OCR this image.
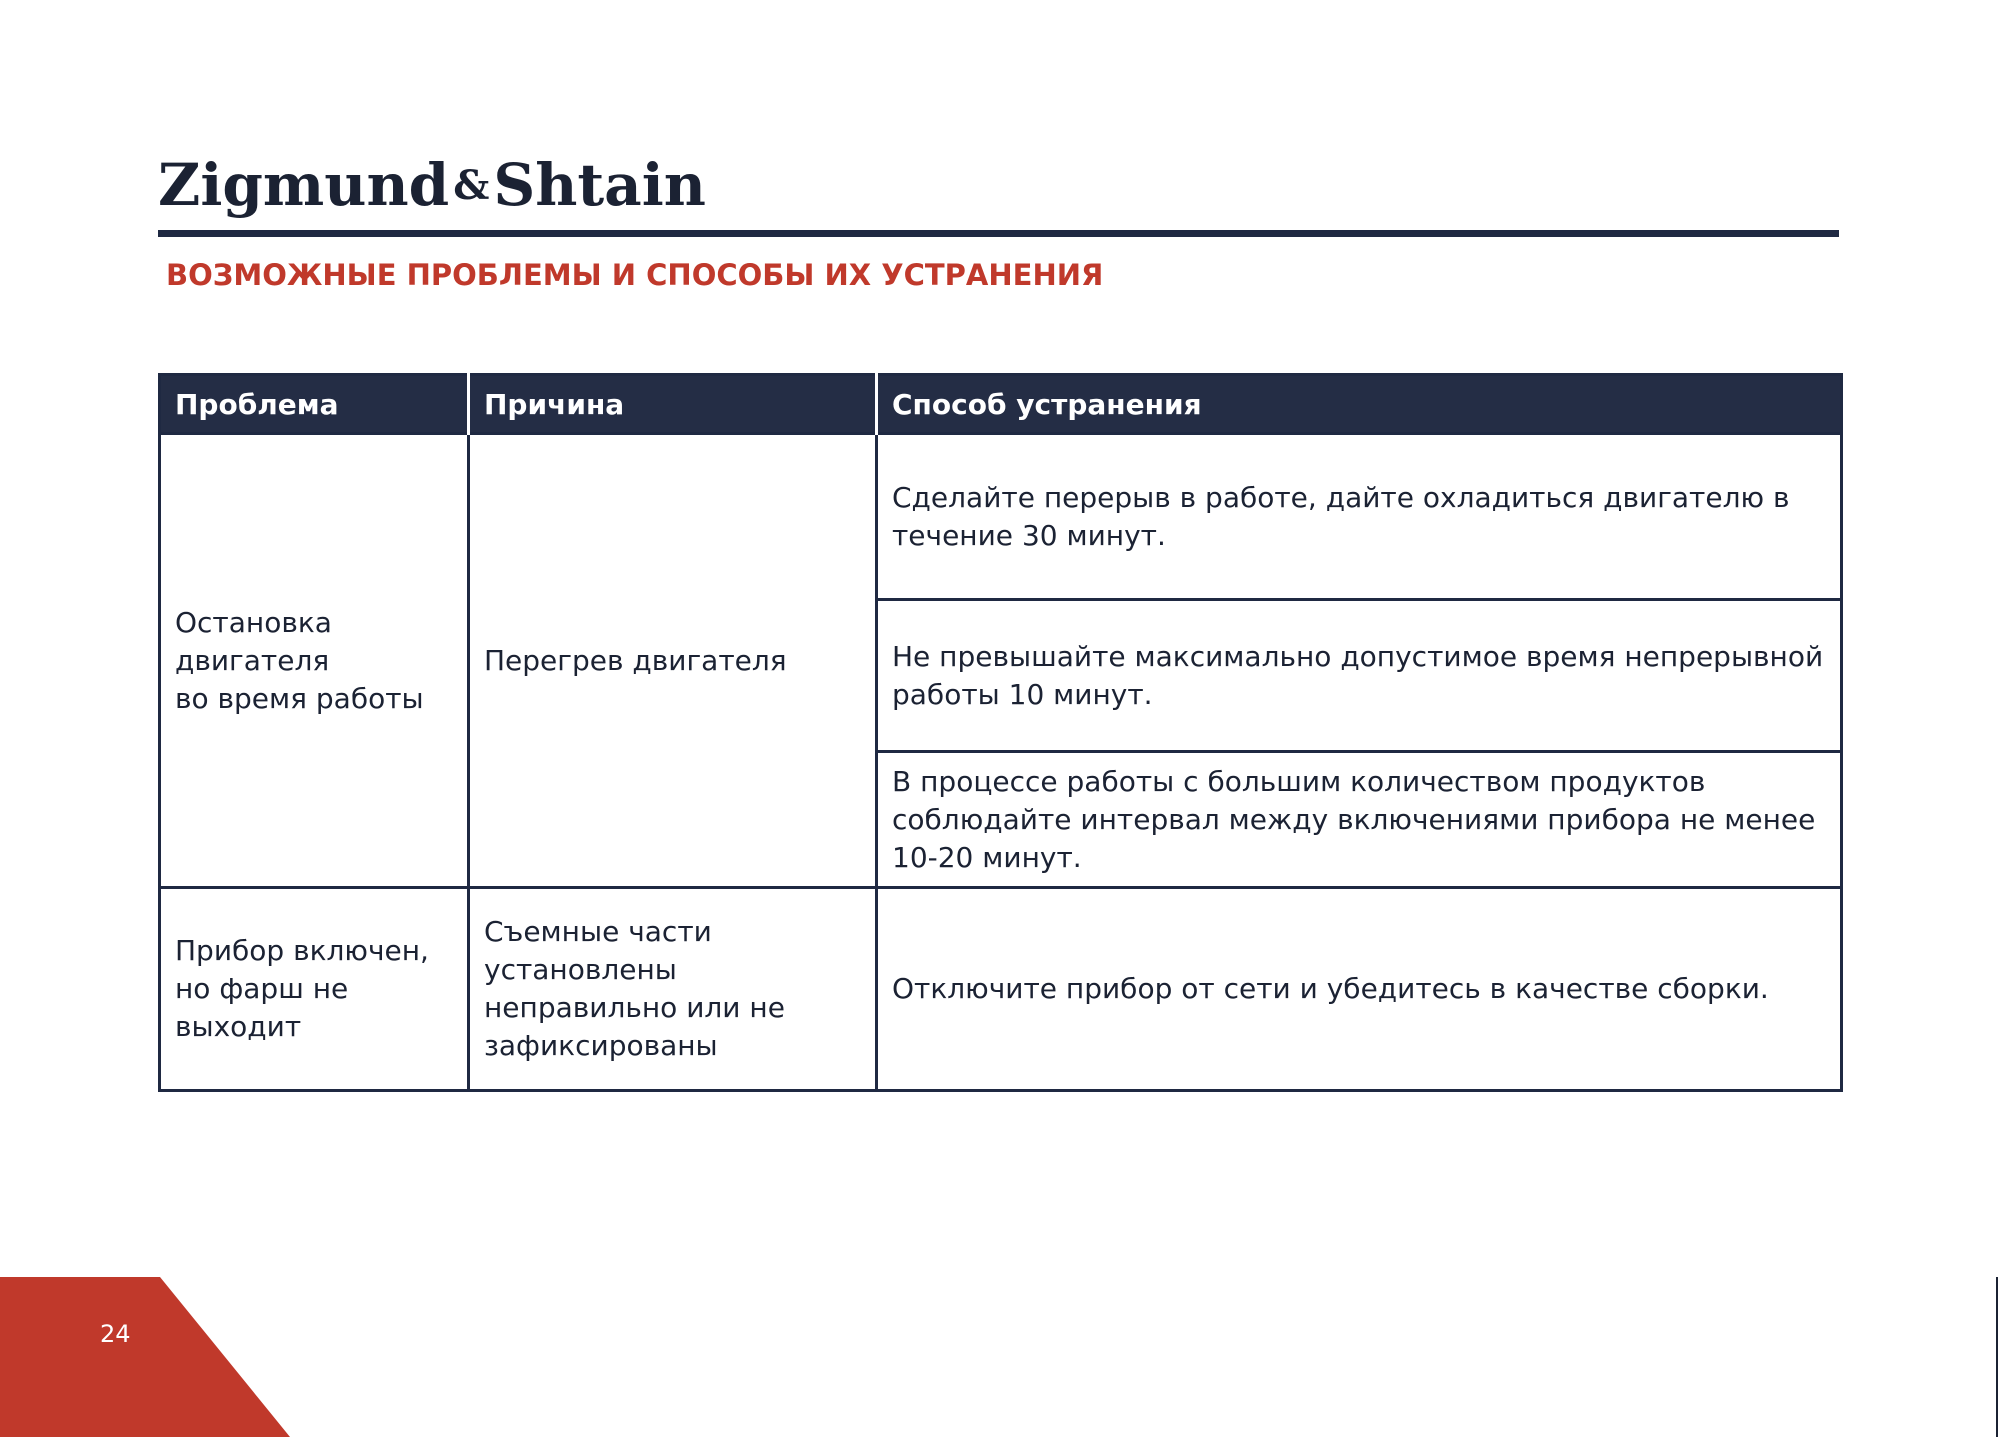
Zigmund &Shtain
ВОЗМОЖНЫЕ ПРОБЛЕМЫ И СПОСОБЫ ИХ УСТРАНЕНИЯ
Проблема	Причина	Способ устранения
Остановка
двигателя
во время работы	Перегрев двигателя	Сделайте перерыв в работе, дайте охладиться двигателю в
течение 30 минут.
		Не превышайте максимально допустимое время непрерывной
работы 10 минут.
		В процессе работы с большим количеством продуктов
соблюдайте интервал между включениями прибора не менее
10-20 минут.
Прибор включен,
но фарш не
выходит	Съемные части
установлены
неправильно или не
зафиксированы	Отключите прибор от сети и убедитесь в качестве сборки.
24
